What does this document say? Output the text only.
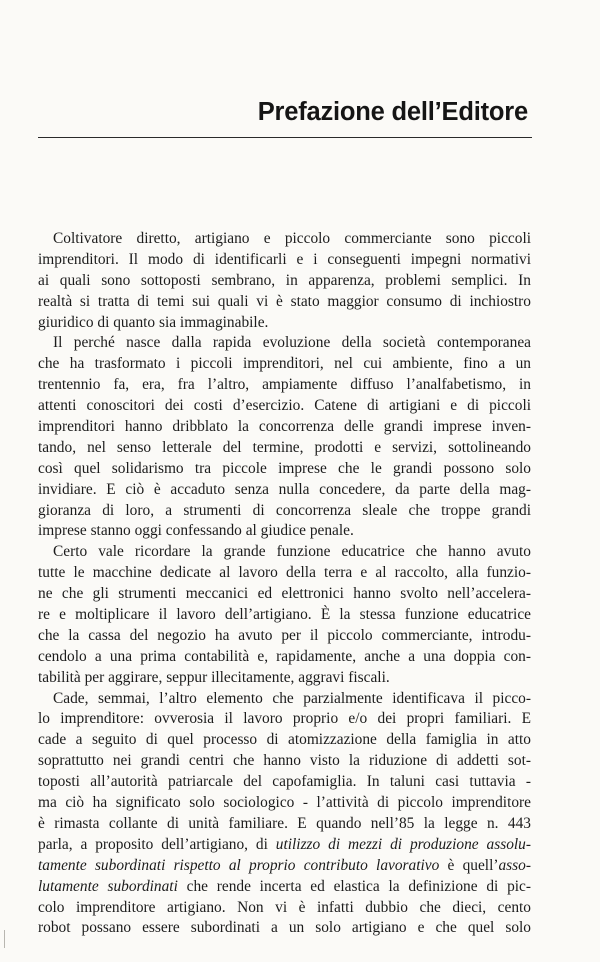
Prefazione dell’Editore
Coltivatore diretto, artigiano e piccolo commerciante sono piccoli
imprenditori. Il modo di identificarli e i conseguenti impegni normativi
ai quali sono sottoposti sembrano, in apparenza, problemi semplici. In
realtà si tratta di temi sui quali vi è stato maggior consumo di inchiostro
giuridico di quanto sia immaginabile.
Il perché nasce dalla rapida evoluzione della società contemporanea
che ha trasformato i piccoli imprenditori, nel cui ambiente, fino a un
trentennio fa, era, fra l’altro, ampiamente diffuso l’analfabetismo, in
attenti conoscitori dei costi d’esercizio. Catene di artigiani e di piccoli
imprenditori hanno dribblato la concorrenza delle grandi imprese inven-
tando, nel senso letterale del termine, prodotti e servizi, sottolineando
così quel solidarismo tra piccole imprese che le grandi possono solo
invidiare. E ciò è accaduto senza nulla concedere, da parte della mag-
gioranza di loro, a strumenti di concorrenza sleale che troppe grandi
imprese stanno oggi confessando al giudice penale.
Certo vale ricordare la grande funzione educatrice che hanno avuto
tutte le macchine dedicate al lavoro della terra e al raccolto, alla funzio-
ne che gli strumenti meccanici ed elettronici hanno svolto nell’accelera-
re e moltiplicare il lavoro dell’artigiano. È la stessa funzione educatrice
che la cassa del negozio ha avuto per il piccolo commerciante, introdu-
cendolo a una prima contabilità e, rapidamente, anche a una doppia con-
tabilità per aggirare, seppur illecitamente, aggravi fiscali.
Cade, semmai, l’altro elemento che parzialmente identificava il picco-
lo imprenditore: ovverosia il lavoro proprio e/o dei propri familiari. E
cade a seguito di quel processo di atomizzazione della famiglia in atto
soprattutto nei grandi centri che hanno visto la riduzione di addetti sot-
toposti all’autorità patriarcale del capofamiglia. In taluni casi tuttavia -
ma ciò ha significato solo sociologico - l’attività di piccolo imprenditore
è rimasta collante di unità familiare. E quando nell’85 la legge n. 443
parla, a proposito dell’artigiano, di utilizzo di mezzi di produzione assolu-
tamente subordinati rispetto al proprio contributo lavorativo è quell’asso-
lutamente subordinati che rende incerta ed elastica la definizione di pic-
colo imprenditore artigiano. Non vi è infatti dubbio che dieci, cento
robot possano essere subordinati a un solo artigiano e che quel solo
